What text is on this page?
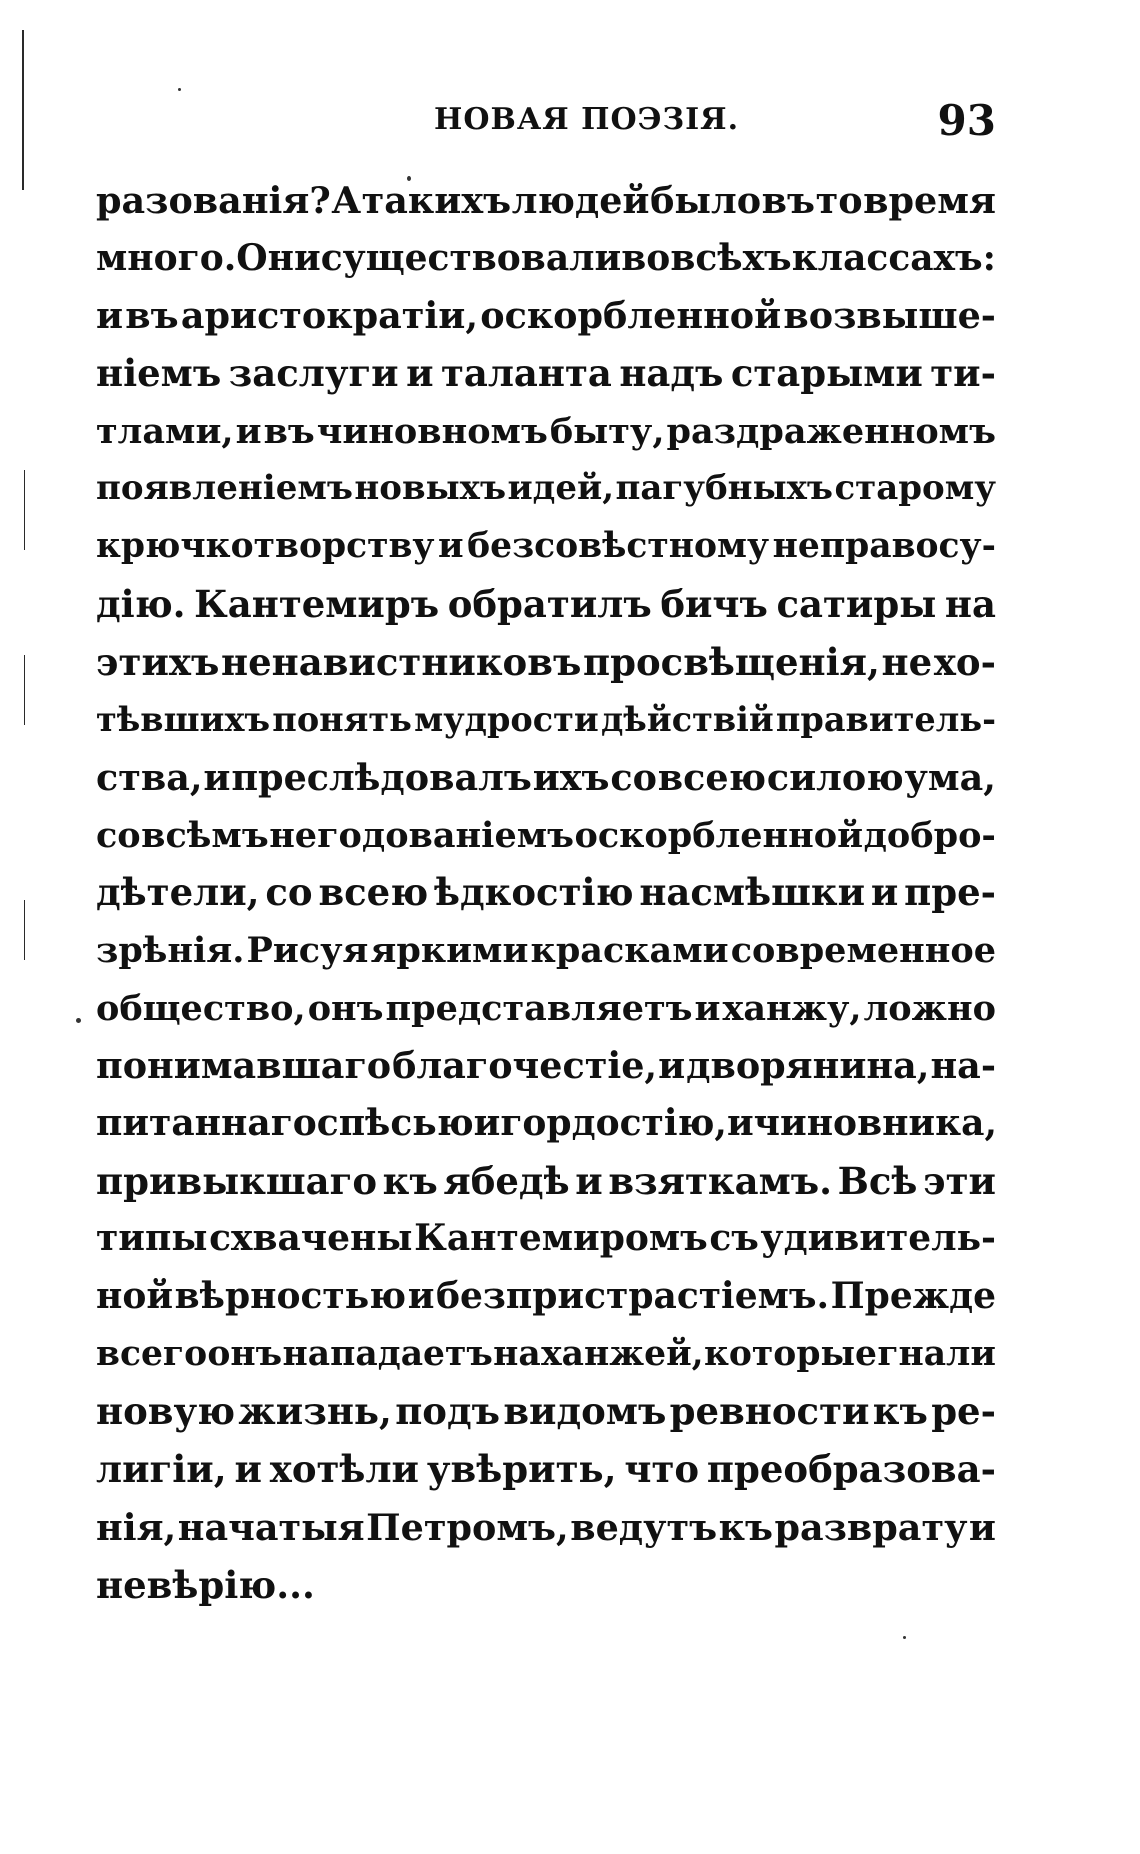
НОВАЯ ПОЭЗІЯ.	93
разованія? А такихъ людей было въ то время
много. Они существовали во всѣхъ классахъ:
и въ аристократіи, оскорбленной возвыше-
ніемъ заслуги и таланта надъ старыми ти-
тлами, и въ чиновномъ быту, раздраженномъ
появленіемъ новыхъ идей, пагубныхъ старому
крючкотворству и безсовѣстному неправосу-
дію. Кантемиръ обратилъ бичъ сатиры на
этихъ ненавистниковъ просвѣщенія, не хо-
тѣвшихъ понять мудрости дѣйствій правитель-
ства, и преслѣдовалъ ихъ со всею силою ума,
со всѣмъ негодованіемъ оскорбленной добро-
дѣтели, со всею ѣдкостію насмѣшки и пре-
зрѣнія. Рисуя яркими красками современное
общество, онъ представляетъ и ханжу, ложно
понимавшаго благочестіе, и дворянина, на-
питаннаго спѣсью и гордостію, и чиновника,
привыкшаго къ ябедѣ и взяткамъ. Всѣ эти
типы схвачены Кантемиромъ съ удивитель-
ной вѣрностью и безпристрастіемъ. Прежде
всего онъ нападаетъ на ханжей, которые гнали
новую жизнь, подъ видомъ ревности къ ре-
лигіи, и хотѣли увѣрить, что преобразова-
нія, начатыя Петромъ, ведутъ къ разврату и
невѣрію...
